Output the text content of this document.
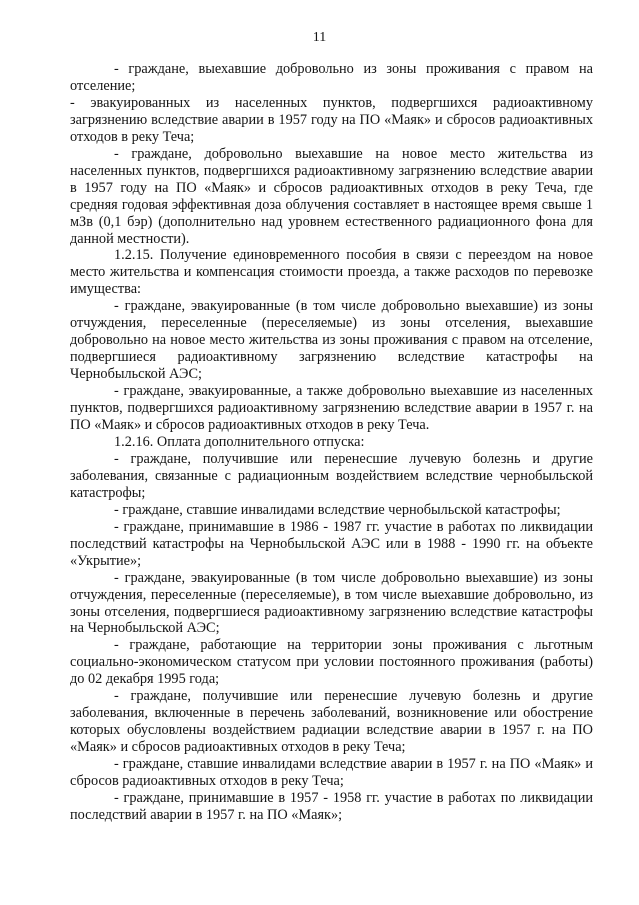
11

- граждане, выехавшие добровольно из зоны проживания с правом на отселение;

- эвакуированных из населенных пунктов, подвергшихся радиоактивному загрязнению вследствие аварии в 1957 году на ПО «Маяк» и сбросов радиоактивных отходов в реку Теча;

- граждане, добровольно выехавшие на новое место жительства из населенных пунктов, подвергшихся радиоактивному загрязнению вследствие аварии в 1957 году на ПО «Маяк» и сбросов радиоактивных отходов в реку Теча, где средняя годовая эффективная доза облучения составляет в настоящее время свыше 1 мЗв (0,1 бэр) (дополнительно над уровнем естественного радиационного фона для данной местности).

1.2.15. Получение единовременного пособия в связи с переездом на новое место жительства и компенсация стоимости проезда, а также расходов по перевозке имущества:

- граждане, эвакуированные (в том числе добровольно выехавшие) из зоны отчуждения, переселенные (переселяемые) из зоны отселения, выехавшие добровольно на новое место жительства из зоны проживания с правом на отселение, подвергшиеся радиоактивному загрязнению вследствие катастрофы на Чернобыльской АЭС;

- граждане, эвакуированные, а также добровольно выехавшие из населенных пунктов, подвергшихся радиоактивному загрязнению вследствие аварии в 1957 г. на ПО «Маяк» и сбросов радиоактивных отходов в реку Теча.

1.2.16. Оплата дополнительного отпуска:

- граждане, получившие или перенесшие лучевую болезнь и другие заболевания, связанные с радиационным воздействием вследствие чернобыльской катастрофы;

- граждане, ставшие инвалидами вследствие чернобыльской катастрофы;

- граждане, принимавшие в 1986 - 1987 гг. участие в работах по ликвидации последствий катастрофы на Чернобыльской АЭС или в 1988 - 1990 гг. на объекте «Укрытие»;

- граждане, эвакуированные (в том числе добровольно выехавшие) из зоны отчуждения, переселенные (переселяемые), в том числе выехавшие добровольно, из зоны отселения, подвергшиеся радиоактивному загрязнению вследствие катастрофы на Чернобыльской АЭС;

- граждане, работающие на территории зоны проживания с льготным социально-экономическом статусом при условии постоянного проживания (работы) до 02 декабря 1995 года;

- граждане, получившие или перенесшие лучевую болезнь и другие заболевания, включенные в перечень заболеваний, возникновение или обострение которых обусловлены воздействием радиации вследствие аварии в 1957 г. на ПО «Маяк» и сбросов радиоактивных отходов в реку Теча;

- граждане, ставшие инвалидами вследствие аварии в 1957 г. на ПО «Маяк» и сбросов радиоактивных отходов в реку Теча;

- граждане, принимавшие в 1957 - 1958 гг. участие в работах по ликвидации последствий аварии в 1957 г. на ПО «Маяк»;
